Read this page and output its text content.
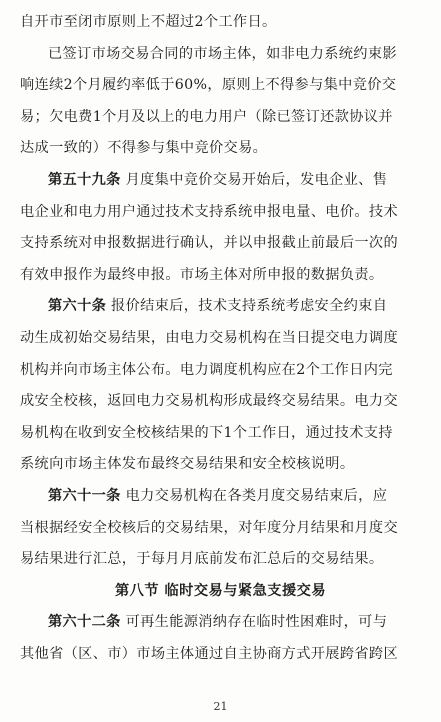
自开市至闭市原则上不超过2个工作日。
已签订市场交易合同的市场主体，如非电力系统约束影
响连续2个月履约率低于60%，原则上不得参与集中竞价交
易；欠电费1个月及以上的电力用户（除已签订还款协议并
达成一致的）不得参与集中竞价交易。
第五十九条 月度集中竞价交易开始后，发电企业、售
电企业和电力用户通过技术支持系统申报电量、电价。技术
支持系统对申报数据进行确认，并以申报截止前最后一次的
有效申报作为最终申报。市场主体对所申报的数据负责。
第六十条 报价结束后，技术支持系统考虑安全约束自
动生成初始交易结果，由电力交易机构在当日提交电力调度
机构并向市场主体公布。电力调度机构应在2个工作日内完
成安全校核，返回电力交易机构形成最终交易结果。电力交
易机构在收到安全校核结果的下1个工作日，通过技术支持
系统向市场主体发布最终交易结果和安全校核说明。
第六十一条 电力交易机构在各类月度交易结束后，应
当根据经安全校核后的交易结果，对年度分月结果和月度交
易结果进行汇总，于每月月底前发布汇总后的交易结果。
第八节 临时交易与紧急支援交易
第六十二条 可再生能源消纳存在临时性困难时，可与
其他省（区、市）市场主体通过自主协商方式开展跨省跨区
21
